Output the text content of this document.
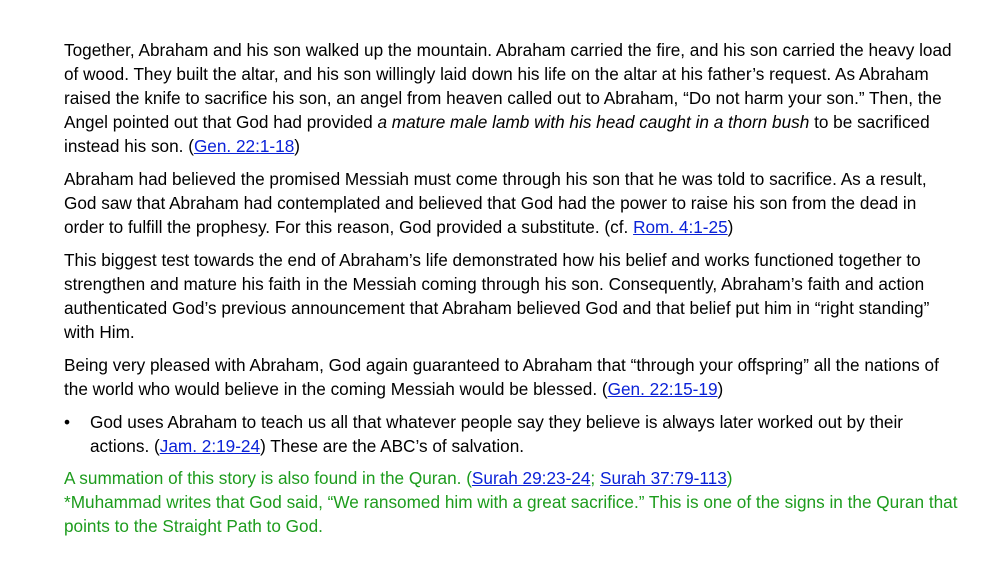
Together, Abraham and his son walked up the mountain. Abraham carried the fire, and his son carried the heavy load of wood. They built the altar, and his son willingly laid down his life on the altar at his father’s request. As Abraham raised the knife to sacrifice his son, an angel from heaven called out to Abraham, “Do not harm your son.” Then, the Angel pointed out that God had provided a mature male lamb with his head caught in a thorn bush to be sacrificed instead his son. (Gen. 22:1-18)

Abraham had believed the promised Messiah must come through his son that he was told to sacrifice. As a result, God saw that Abraham had contemplated and believed that God had the power to raise his son from the dead in order to fulfill the prophesy. For this reason, God provided a substitute. (cf. Rom. 4:1-25)

This biggest test towards the end of Abraham’s life demonstrated how his belief and works functioned together to strengthen and mature his faith in the Messiah coming through his son. Consequently, Abraham’s faith and action authenticated God’s previous announcement that Abraham believed God and that belief put him in “right standing” with Him.

Being very pleased with Abraham, God again guaranteed to Abraham that “through your offspring” all the nations of the world who would believe in the coming Messiah would be blessed. (Gen. 22:15-19)

• God uses Abraham to teach us all that whatever people say they believe is always later worked out by their actions. (Jam. 2:19-24) These are the ABC’s of salvation.

A summation of this story is also found in the Quran. (Surah 29:23-24; Surah 37:79-113)

*Muhammad writes that God said, “We ransomed him with a great sacrifice.” This is one of the signs in the Quran that points to the Straight Path to God.
